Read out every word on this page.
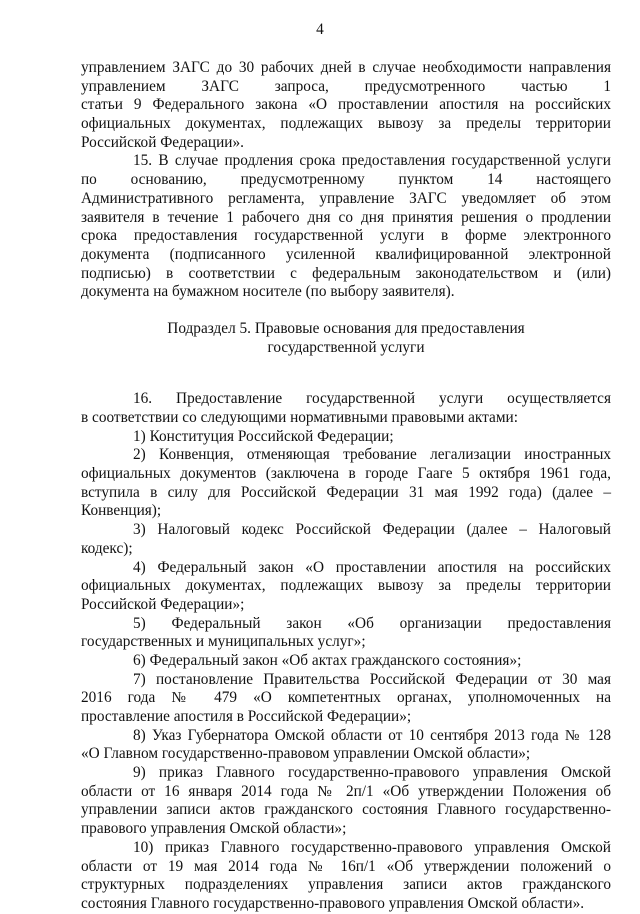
4
управлением ЗАГС до 30 рабочих дней в случае необходимости направления
управлением ЗАГС запроса, предусмотренного частью 1
статьи 9 Федерального закона «О проставлении апостиля на российских
официальных документах, подлежащих вывозу за пределы территории
Российской Федерации».
15. В случае продления срока предоставления государственной услуги
по основанию, предусмотренному пунктом 14 настоящего
Административного регламента, управление ЗАГС уведомляет об этом
заявителя в течение 1 рабочего дня со дня принятия решения о продлении
срока предоставления государственной услуги в форме электронного
документа (подписанного усиленной квалифицированной электронной
подписью) в соответствии с федеральным законодательством и (или)
документа на бумажном носителе (по выбору заявителя).
Подраздел 5. Правовые основания для предоставления
государственной услуги
16. Предоставление государственной услуги осуществляется
в соответствии со следующими нормативными правовыми актами:
1) Конституция Российской Федерации;
2) Конвенция, отменяющая требование легализации иностранных
официальных документов (заключена в городе Гааге 5 октября 1961 года,
вступила в силу для Российской Федерации 31 мая 1992 года) (далее –
Конвенция);
3) Налоговый кодекс Российской Федерации (далее – Налоговый
кодекс);
4) Федеральный закон «О проставлении апостиля на российских
официальных документах, подлежащих вывозу за пределы территории
Российской Федерации»;
5) Федеральный закон «Об организации предоставления
государственных и муниципальных услуг»;
6) Федеральный закон «Об актах гражданского состояния»;
7) постановление Правительства Российской Федерации от 30 мая
2016 года № 479 «О компетентных органах, уполномоченных на
проставление апостиля в Российской Федерации»;
8) Указ Губернатора Омской области от 10 сентября 2013 года № 128
«О Главном государственно-правовом управлении Омской области»;
9) приказ Главного государственно-правового управления Омской
области от 16 января 2014 года № 2п/1 «Об утверждении Положения об
управлении записи актов гражданского состояния Главного государственно-
правового управления Омской области»;
10) приказ Главного государственно-правового управления Омской
области от 19 мая 2014 года № 16п/1 «Об утверждении положений о
структурных подразделениях управления записи актов гражданского
состояния Главного государственно-правового управления Омской области».
